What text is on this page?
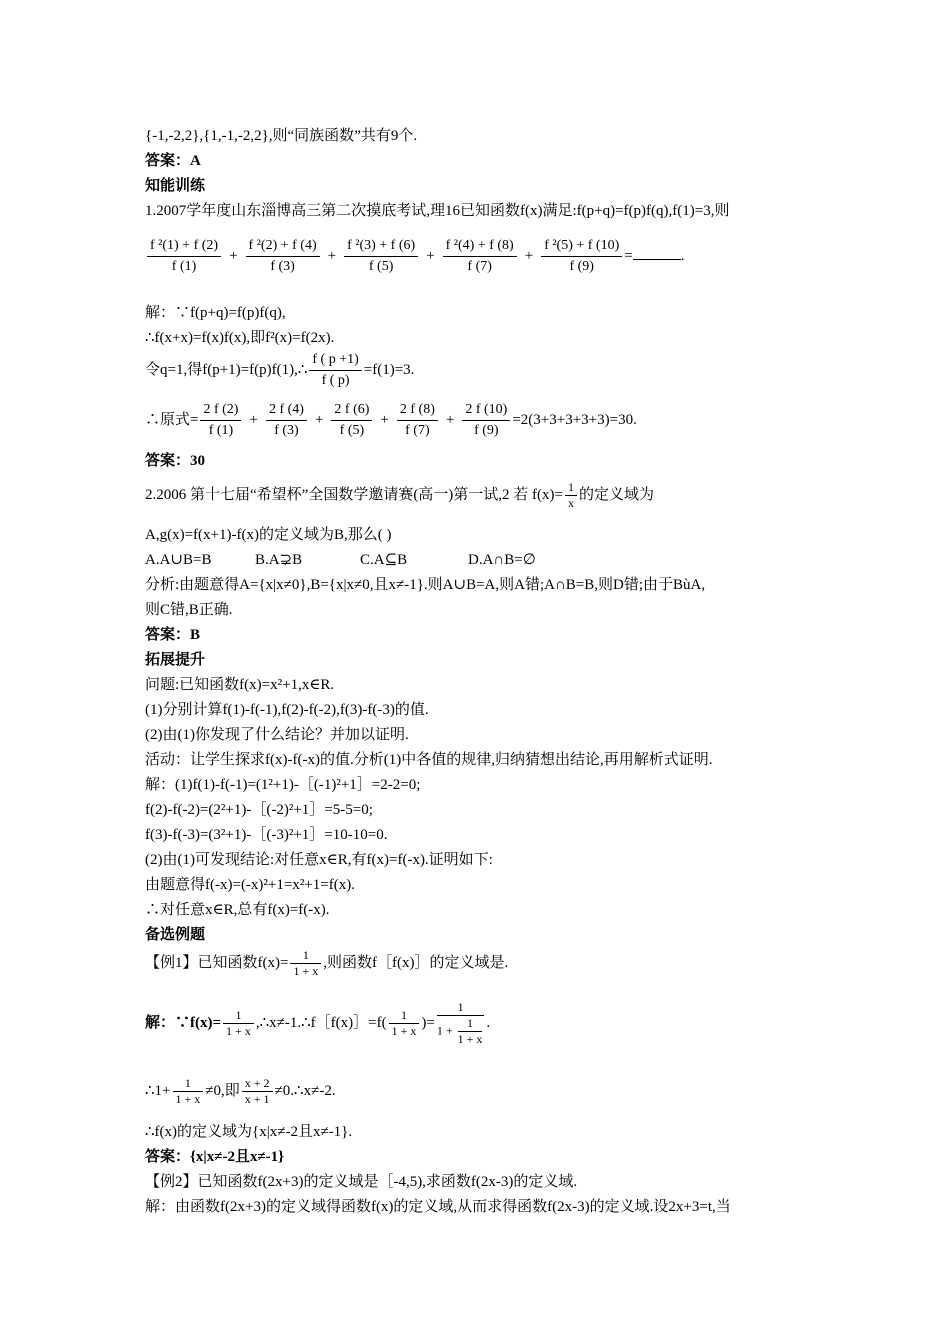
{-1,-2,2},{1,-1,-2,2},则“同族函数”共有9个.
答案：A
知能训练
1.2007学年度山东淄博高三第二次摸底考试,理16已知函数f(x)满足:f(p+q)=f(p)f(q),f(1)=3,则
$\frac{\text{f ²(1) + f (2)}}{f (1)} + \frac{\text{f ²(2) + f (4)}}{f (3)} + \frac{\text{f ²(3) + f (6)}}{f (5)} + \frac{\text{f ²(4) + f (8)}}{f (7)} + \frac{\text{f ²(5) + f (10)}}{f (9)}$ =	.
解：∵f(p+q)=f(p)f(q),
∴f(x+x)=f(x)f(x),即f²(x)=f(2x).
令q=1,得f(p+1)=f(p)f(1),∴ $\frac{f ( p +1)}{f ( p)} =f(1)=3$.
∴原式= $\frac{2 f (2)}{f (1)} + \frac{2 f (4)}{f (3)} + \frac{2 f (6)}{f (5)} + \frac{2 f (8)}{f (7)} + \frac{2 f (10)}{f (9)} =2(3+3+3+3+3)=30$.
答案：30
2.2006 第十七届“希望杯”全国数学邀请赛(高一)第一试,2 若 $f(x)= \frac{1}{x}$ 的定义域为
A,g(x)=f(x+1)-f(x)的定义域为B,那么( )
A.A∪B=B	B.A⊋B	C.A⊆B	D.A∩B=∅
分析:由题意得A={x|x≠0},B={x|x≠0,且x≠-1}.则A∪B=A,则A错;A∩B=B,则D错;由于BùA,
则C错,B正确.
答案：B
拓展提升
问题:已知函数f(x)=x²+1,x∈R.
(1)分别计算f(1)-f(-1),f(2)-f(-2),f(3)-f(-3)的值.
(2)由(1)你发现了什么结论？并加以证明.
活动：让学生探求f(x)-f(-x)的值.分析(1)中各值的规律,归纳猜想出结论,再用解析式证明.
解：(1)f(1)-f(-1)=(1²+1)-［(-1)²+1］=2-2=0;
f(2)-f(-2)=(2²+1)-［(-2)²+1］=5-5=0;
f(3)-f(-3)=(3²+1)-［(-3)²+1］=10-10=0.
(2)由(1)可发现结论:对任意x∈R,有f(x)=f(-x).证明如下:
由题意得f(-x)=(-x)²+1=x²+1=f(x).
∴对任意x∈R,总有f(x)=f(-x).
备选例题
【例1】已知函数$f(x)= \frac{1}{1 + x}$ ,则函数f［f(x)］的定义域是.
解：∵f(x)= $\frac{1}{1 + x}$ ,∴x≠-1.∴f［f(x)］=f( $\frac{1}{1 + x}$ )= $\frac{1}{1 + \frac{1}{1 + x}}$ .
∴1+ $\frac{1}{1 + x} \ne 0$,即 $\frac{x + 2}{x + 1}$ ≠0.∴x≠-2.
∴f(x)的定义域为{x|x≠-2且x≠-1}.
答案：{x|x≠-2且x≠-1}
【例2】已知函数f(2x+3)的定义域是［-4,5),求函数f(2x-3)的定义域.
解：由函数f(2x+3)的定义域得函数f(x)的定义域,从而求得函数f(2x-3)的定义域.设2x+3=t,当
